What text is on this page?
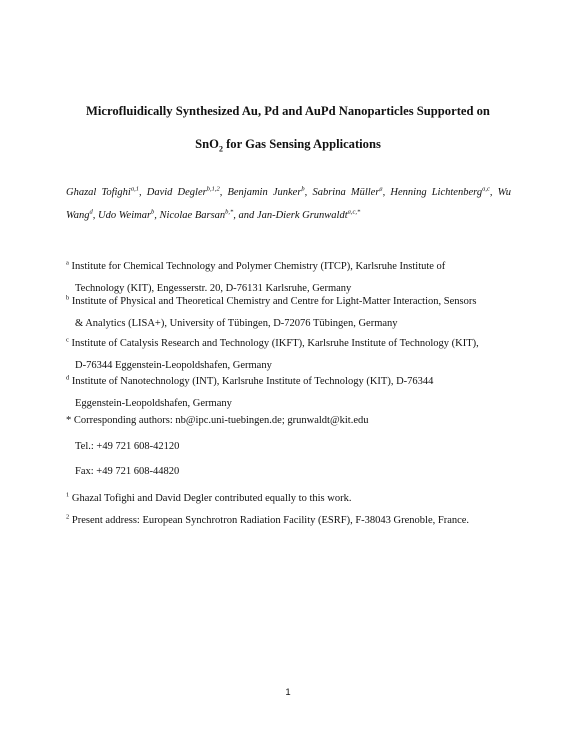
Microfluidically Synthesized Au, Pd and AuPd Nanoparticles Supported on
SnO$_2$ for Gas Sensing Applications
Ghazal Tofighi$^{a,1}$, David Degler$^{b,1,2}$, Benjamin Junker$^b$, Sabrina Müller$^a$, Henning Lichtenberg$^{a,c}$, Wu Wang$^d$, Udo Weimar$^b$, Nicolae Barsan$^{b,*}$, and Jan-Dierk Grunwaldt$^{a,c,*}$
$^a$ Institute for Chemical Technology and Polymer Chemistry (ITCP), Karlsruhe Institute of
Technology (KIT), Engesserstr. 20, D-76131 Karlsruhe, Germany
$^b$ Institute of Physical and Theoretical Chemistry and Centre for Light-Matter Interaction, Sensors
& Analytics (LISA+), University of Tübingen, D-72076 Tübingen, Germany
$^c$ Institute of Catalysis Research and Technology (IKFT), Karlsruhe Institute of Technology (KIT),
D-76344 Eggenstein-Leopoldshafen, Germany
$^d$ Institute of Nanotechnology (INT), Karlsruhe Institute of Technology (KIT), D-76344
Eggenstein-Leopoldshafen, Germany
* Corresponding authors: nb@ipc.uni-tuebingen.de; grunwaldt@kit.edu
Tel.: +49 721 608-42120
Fax: +49 721 608-44820
$^1$ Ghazal Tofighi and David Degler contributed equally to this work.
$^2$ Present address: European Synchrotron Radiation Facility (ESRF), F-38043 Grenoble, France.
1
